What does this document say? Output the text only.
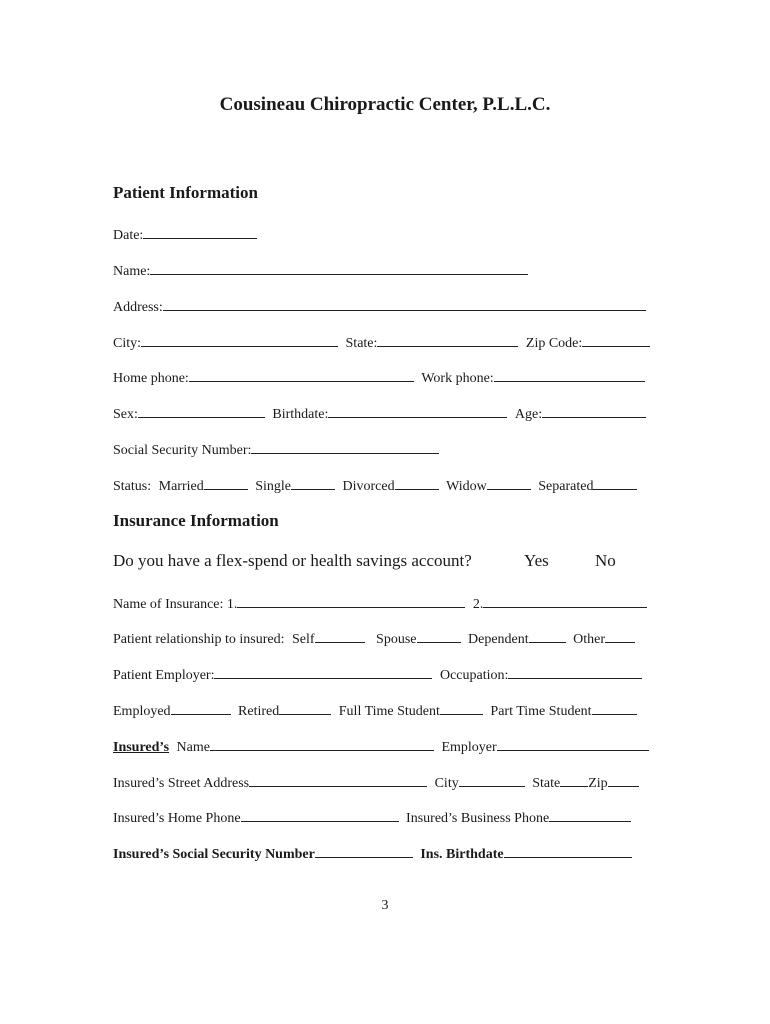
Cousineau Chiropractic Center, P.L.L.C.
Patient Information
Date:
Name:
Address:
City:	State:	Zip Code:
Home phone:	Work phone:
Sex:	Birthdate:	Age:
Social Security Number:
Status: Married	Single	Divorced	Widow	Separated
Insurance Information
Do you have a flex-spend or health savings account?	Yes	No
Name of Insurance: 1.	2.
Patient relationship to insured: Self	Spouse	Dependent	Other
Patient Employer:	Occupation:
Employed	Retired	Full Time Student	Part Time Student
Insured’s Name	Employer
Insured’s Street Address	City	State Zip
Insured’s Home Phone	Insured’s Business Phone
Insured’s Social Security Number	Ins. Birthdate
3
